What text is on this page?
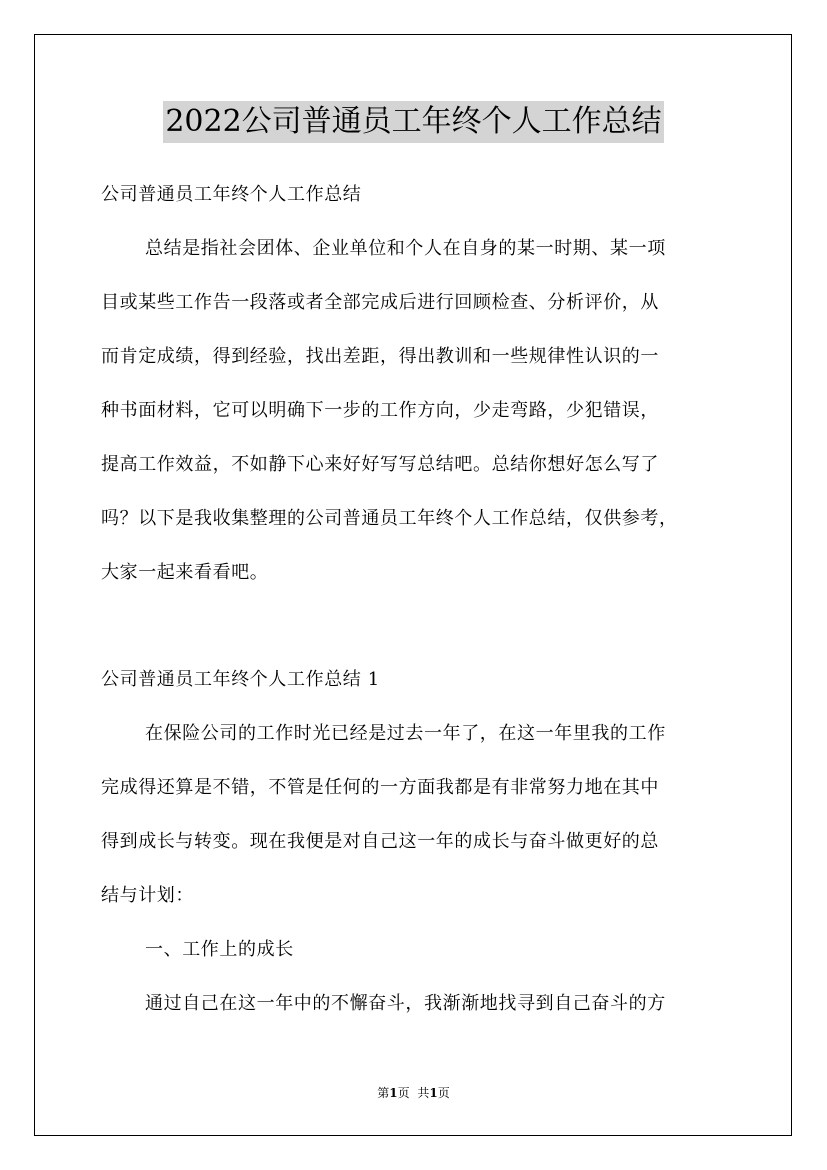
2022公司普通员工年终个人工作总结
公司普通员工年终个人工作总结
总结是指社会团体、企业单位和个人在自身的某一时期、某一项
目或某些工作告一段落或者全部完成后进行回顾检查、分析评价，从
而肯定成绩，得到经验，找出差距，得出教训和一些规律性认识的一
种书面材料，它可以明确下一步的工作方向，少走弯路，少犯错误，
提高工作效益，不如静下心来好好写写总结吧。总结你想好怎么写了
吗？以下是我收集整理的公司普通员工年终个人工作总结，仅供参考，
大家一起来看看吧。
公司普通员工年终个人工作总结 1
在保险公司的工作时光已经是过去一年了，在这一年里我的工作
完成得还算是不错，不管是任何的一方面我都是有非常努力地在其中
得到成长与转变。现在我便是对自己这一年的成长与奋斗做更好的总
结与计划：
一、工作上的成长
通过自己在这一年中的不懈奋斗，我渐渐地找寻到自己奋斗的方
第1页 共1页
